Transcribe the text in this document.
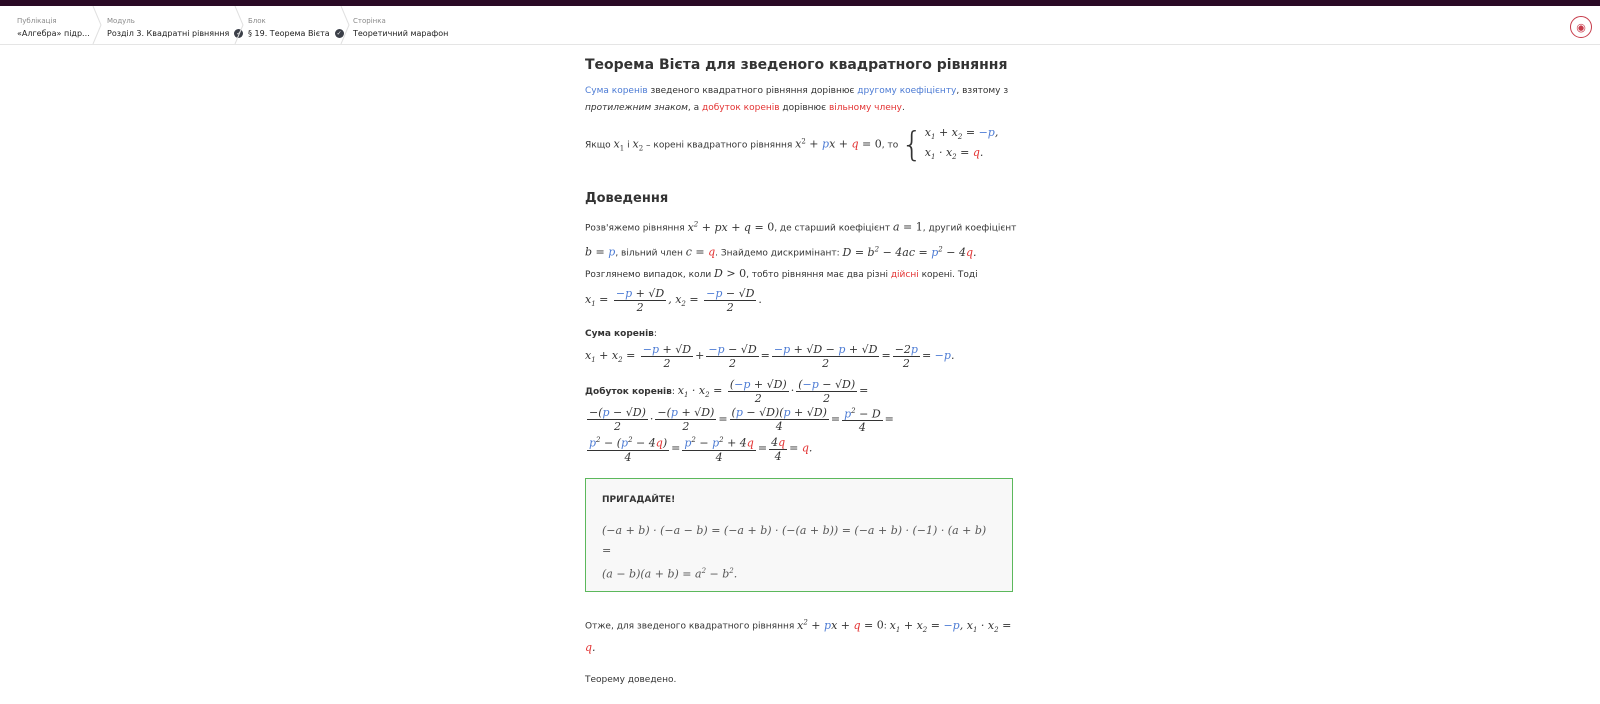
Публікація
«Алгебра» підр...
Модуль
Розділ 3. Квадратні рівняння	✓
Блок
§ 19. Теорема Вієта	✓
Сторінка
Теоретичний марафон	◉
Теорема Вієта для зведеного квадратного рівняння

Сума коренів зведеного квадратного рівняння дорівнює другому коефіцієнту, взятому з протилежним знаком, а добуток коренів дорівнює вільному члену.

Якщо $x_1$ і $x_2$ – корені квадратного рівняння $x^2$ + px + q = 0, то { $x_1 + x_2 = -p$,
$x_1 \cdot x_2 = q$.

Доведення

Розв'яжемо рівняння $x^2$ + px + q = 0, де старший коефіцієнт a = 1, другий коефіцієнт
b = p, вільний член c = q. Знайдемо дискримінант: $D = b^2 - 4ac = p^2 - 4q$.
Розглянемо випадок, коли D > 0, тобто рівняння має два різні дійсні корені. Тоді

$x_1 = \frac{-p + √D}{2}$ , $x_2 = \frac{-p - √D}{2}$ .

Сума коренів:
$x_1 + x_2 = \frac{-p + √D}{2} + \frac{-p - √D}{2} = \frac{-p + √D - p + √D}{2} = \frac{-2p}{2} = -p$.

Добуток коренів: $x_1 \cdot x_2 = \frac{(-p + √D)}{2} \cdot \frac{(-p - √D)}{2}$ =

$\frac{-(p - √D)}{2} \cdot \frac{-(p + √D)}{2} = \frac{(p - √D)(p + √D)}{4} = \frac{p^2 - D}{4}$ =

$\frac{p^2 - (p^2 - 4q)}{4} = \frac{p^2 - p^2 + 4q}{4} = \frac{4q}{4} = q$.

ПРИГАДАЙТЕ!
(−a + b) · (−a − b) = (−a + b) · (−(a + b)) = (−a + b) · (−1) · (a + b) =
$(a - b)(a + b) = a^2 - b^2$.

Отже, для зведеного квадратного рівняння $x^2$ + px + q = 0: $x_1 + x_2 = -p$, $x_1 \cdot x_2 = q$.

Теорему доведено.
